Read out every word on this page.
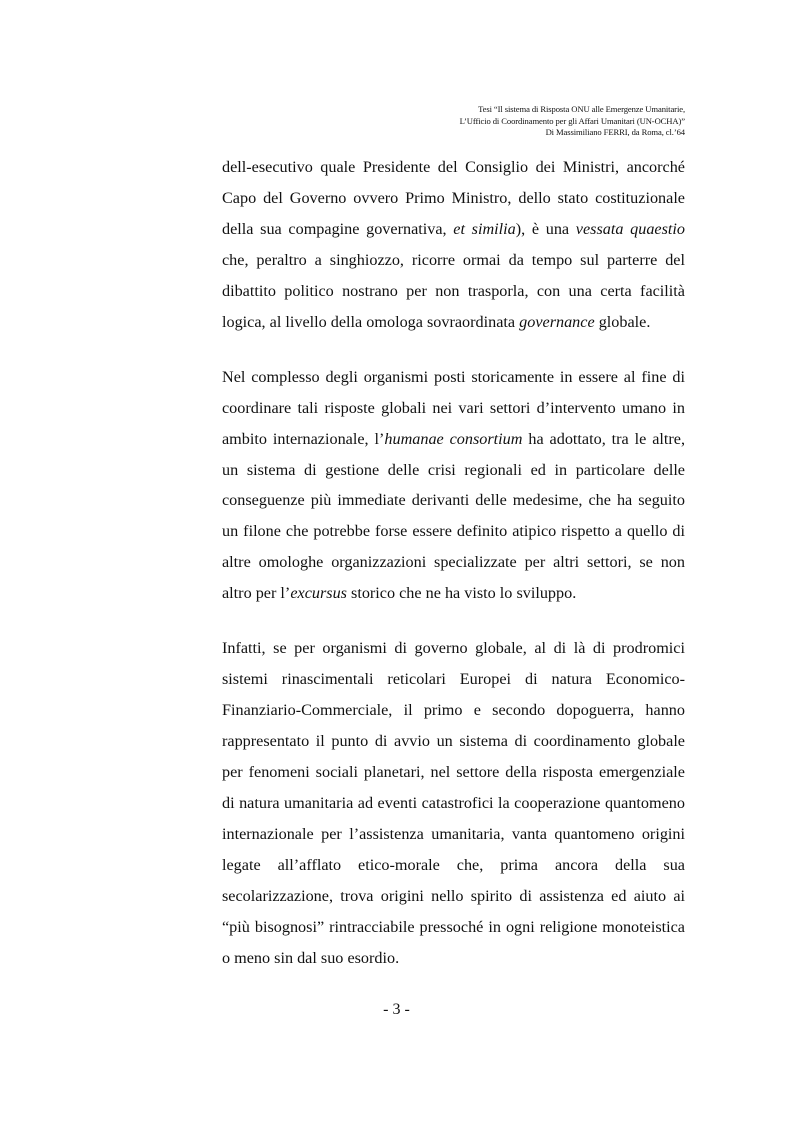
Tesi “Il sistema di Risposta ONU alle Emergenze Umanitarie,
L’Ufficio di Coordinamento per gli Affari Umanitari (UN-OCHA)”
Di Massimiliano FERRI, da Roma, cl.’64

dell-esecutivo quale Presidente del Consiglio dei Ministri, ancorché Capo del Governo ovvero Primo Ministro, dello stato costituzionale della sua compagine governativa, et similia), è una vessata quaestio che, peraltro a singhiozzo, ricorre ormai da tempo sul parterre del dibattito politico nostrano per non trasporla, con una certa facilità logica, al livello della omologa sovraordinata governance globale.

Nel complesso degli organismi posti storicamente in essere al fine di coordinare tali risposte globali nei vari settori d’intervento umano in ambito internazionale, l’humanae consortium ha adottato, tra le altre, un sistema di gestione delle crisi regionali ed in particolare delle conseguenze più immediate derivanti delle medesime, che ha seguito un filone che potrebbe forse essere definito atipico rispetto a quello di altre omologhe organizzazioni specializzate per altri settori, se non altro per l’excursus storico che ne ha visto lo sviluppo.

Infatti, se per organismi di governo globale, al di là di prodromici sistemi rinascimentali reticolari Europei di natura Economico-Finanziario-Commerciale, il primo e secondo dopoguerra, hanno rappresentato il punto di avvio un sistema di coordinamento globale per fenomeni sociali planetari, nel settore della risposta emergenziale di natura umanitaria ad eventi catastrofici la cooperazione quantomeno internazionale per l’assistenza umanitaria, vanta quantomeno origini legate all’afflato etico-morale che, prima ancora della sua secolarizzazione, trova origini nello spirito di assistenza ed aiuto ai “più bisognosi” rintracciabile pressoché in ogni religione monoteistica o meno sin dal suo esordio.

- 3 -
